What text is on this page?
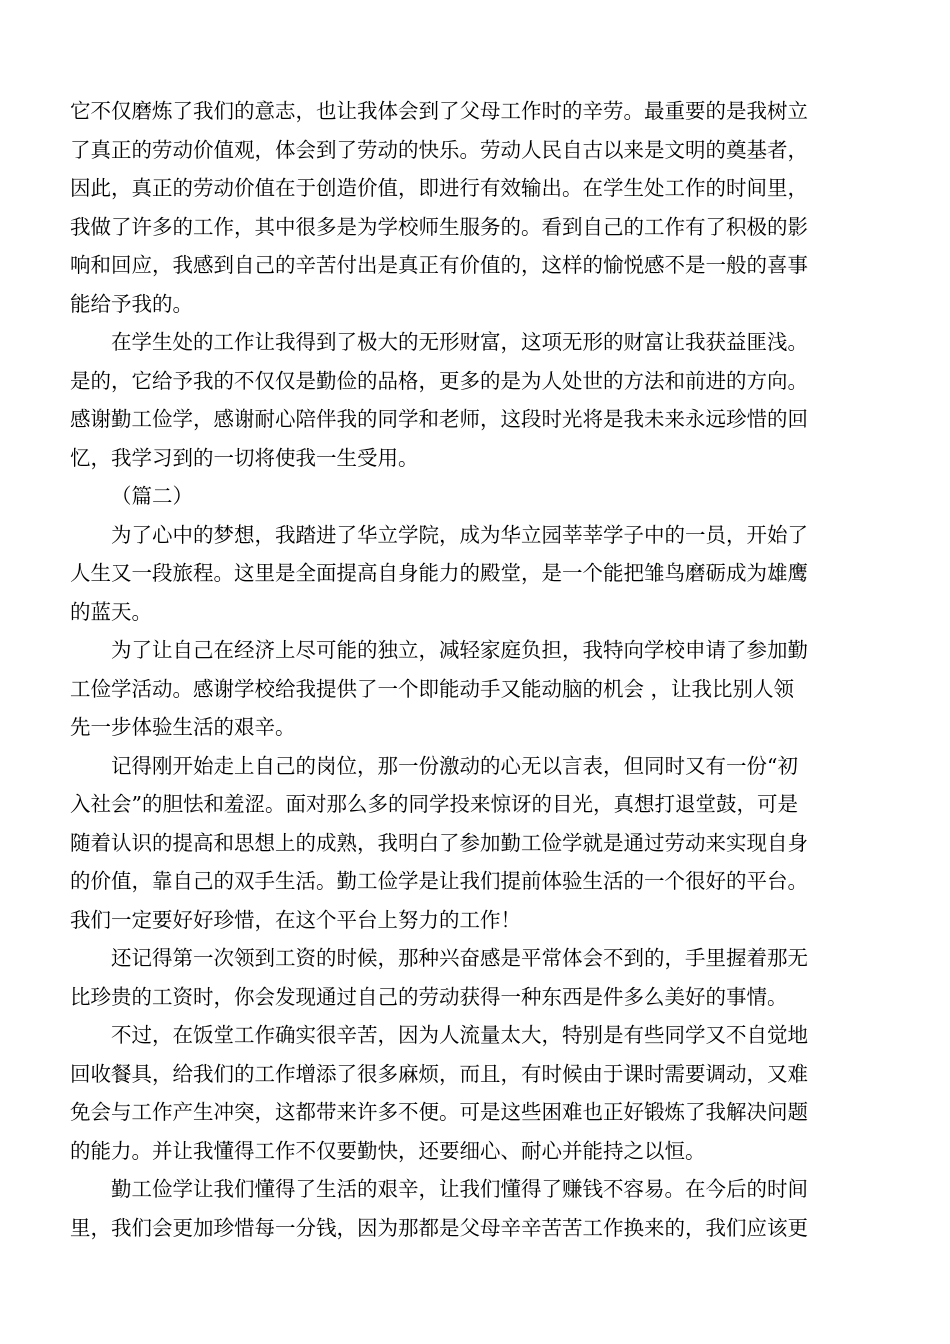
它不仅磨炼了我们的意志，也让我体会到了父母工作时的辛劳。最重要的是我树立
了真正的劳动价值观，体会到了劳动的快乐。劳动人民自古以来是文明的奠基者，
因此，真正的劳动价值在于创造价值，即进行有效输出。在学生处工作的时间里，
我做了许多的工作，其中很多是为学校师生服务的。看到自己的工作有了积极的影
响和回应，我感到自己的辛苦付出是真正有价值的，这样的愉悦感不是一般的喜事
能给予我的。
在学生处的工作让我得到了极大的无形财富，这项无形的财富让我获益匪浅。
是的，它给予我的不仅仅是勤俭的品格，更多的是为人处世的方法和前进的方向。
感谢勤工俭学，感谢耐心陪伴我的同学和老师，这段时光将是我未来永远珍惜的回
忆，我学习到的一切将使我一生受用。
（篇二）
为了心中的梦想，我踏进了华立学院，成为华立园莘莘学子中的一员，开始了
人生又一段旅程。这里是全面提高自身能力的殿堂，是一个能把雏鸟磨砺成为雄鹰
的蓝天。
为了让自己在经济上尽可能的独立，减轻家庭负担，我特向学校申请了参加勤
工俭学活动。感谢学校给我提供了一个即能动手又能动脑的机会 ，让我比别人领
先一步体验生活的艰辛。
记得刚开始走上自己的岗位，那一份激动的心无以言表，但同时又有一份“初
入社会”的胆怯和羞涩。面对那么多的同学投来惊讶的目光，真想打退堂鼓，可是
随着认识的提高和思想上的成熟，我明白了参加勤工俭学就是通过劳动来实现自身
的价值，靠自己的双手生活。勤工俭学是让我们提前体验生活的一个很好的平台。
我们一定要好好珍惜，在这个平台上努力的工作！
还记得第一次领到工资的时候，那种兴奋感是平常体会不到的，手里握着那无
比珍贵的工资时，你会发现通过自己的劳动获得一种东西是件多么美好的事情。
不过，在饭堂工作确实很辛苦，因为人流量太大，特别是有些同学又不自觉地
回收餐具，给我们的工作增添了很多麻烦，而且，有时候由于课时需要调动，又难
免会与工作产生冲突，这都带来许多不便。可是这些困难也正好锻炼了我解决问题
的能力。并让我懂得工作不仅要勤快，还要细心、耐心并能持之以恒。
勤工俭学让我们懂得了生活的艰辛，让我们懂得了赚钱不容易。在今后的时间
里，我们会更加珍惜每一分钱，因为那都是父母辛辛苦苦工作换来的，我们应该更
